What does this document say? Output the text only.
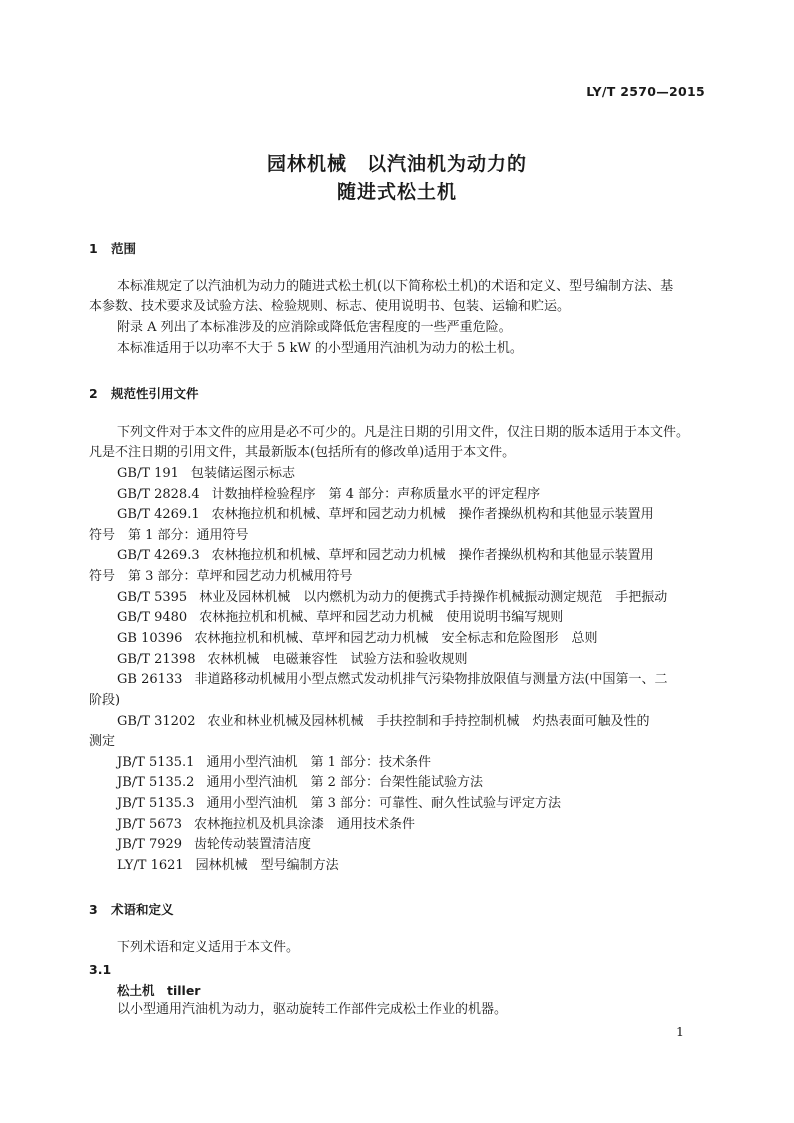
LY/T 2570—2015
园林机械　以汽油机为动力的
随进式松土机
1 范围
本标准规定了以汽油机为动力的随进式松土机(以下简称松土机)的术语和定义、型号编制方法、基
本参数、技术要求及试验方法、检验规则、标志、使用说明书、包装、运输和贮运。
附录 A 列出了本标准涉及的应消除或降低危害程度的一些严重危险。
本标准适用于以功率不大于 5 kW 的小型通用汽油机为动力的松土机。
2 规范性引用文件
下列文件对于本文件的应用是必不可少的。凡是注日期的引用文件，仅注日期的版本适用于本文件。
凡是不注日期的引用文件，其最新版本(包括所有的修改单)适用于本文件。
GB/T 191 包装储运图示标志
GB/T 2828.4 计数抽样检验程序　第 4 部分：声称质量水平的评定程序
GB/T 4269.1 农林拖拉机和机械、草坪和园艺动力机械　操作者操纵机构和其他显示装置用
符号　第 1 部分：通用符号
GB/T 4269.3 农林拖拉机和机械、草坪和园艺动力机械　操作者操纵机构和其他显示装置用
符号　第 3 部分：草坪和园艺动力机械用符号
GB/T 5395 林业及园林机械　以内燃机为动力的便携式手持操作机械振动测定规范　手把振动
GB/T 9480 农林拖拉机和机械、草坪和园艺动力机械　使用说明书编写规则
GB 10396 农林拖拉机和机械、草坪和园艺动力机械　安全标志和危险图形　总则
GB/T 21398 农林机械　电磁兼容性　试验方法和验收规则
GB 26133 非道路移动机械用小型点燃式发动机排气污染物排放限值与测量方法(中国第一、二
阶段)
GB/T 31202 农业和林业机械及园林机械　手扶控制和手持控制机械　灼热表面可触及性的
测定
JB/T 5135.1 通用小型汽油机　第 1 部分：技术条件
JB/T 5135.2 通用小型汽油机　第 2 部分：台架性能试验方法
JB/T 5135.3 通用小型汽油机　第 3 部分：可靠性、耐久性试验与评定方法
JB/T 5673 农林拖拉机及机具涂漆　通用技术条件
JB/T 7929 齿轮传动装置清洁度
LY/T 1621 园林机械　型号编制方法
3 术语和定义
下列术语和定义适用于本文件。
3.1
松土机　tiller
以小型通用汽油机为动力，驱动旋转工作部件完成松土作业的机器。
1
